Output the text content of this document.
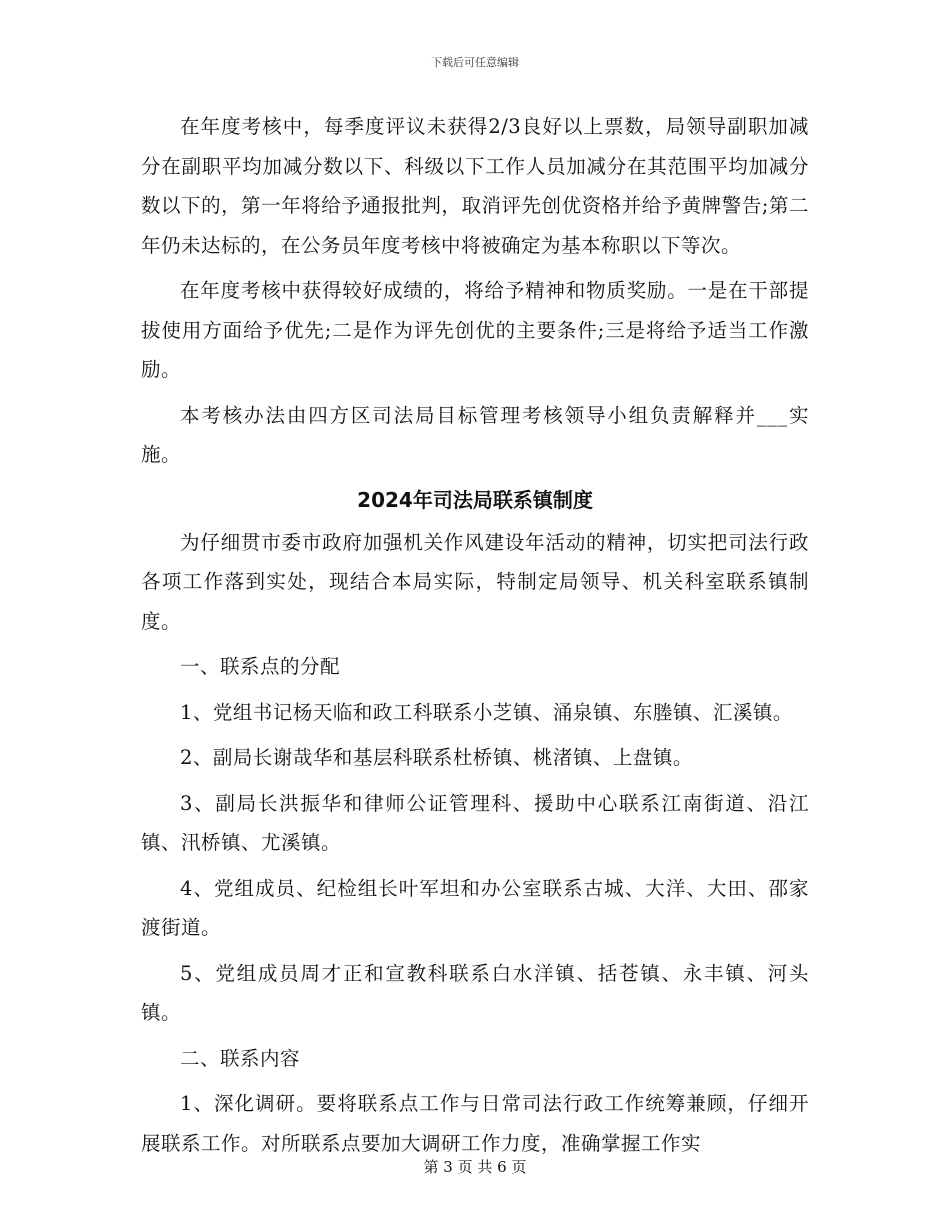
下载后可任意编辑

在年度考核中，每季度评议未获得2/3良好以上票数，局领导副职加减分在副职平均加减分数以下、科级以下工作人员加减分在其范围平均加减分数以下的，第一年将给予通报批判，取消评先创优资格并给予黄牌警告;第二年仍未达标的，在公务员年度考核中将被确定为基本称职以下等次。

在年度考核中获得较好成绩的，将给予精神和物质奖励。一是在干部提拔使用方面给予优先;二是作为评先创优的主要条件;三是将给予适当工作激励。

本考核办法由四方区司法局目标管理考核领导小组负责解释并___实施。

2024年司法局联系镇制度

为仔细贯市委市政府加强机关作风建设年活动的精神，切实把司法行政各项工作落到实处，现结合本局实际，特制定局领导、机关科室联系镇制度。

一、联系点的分配

1、党组书记杨天临和政工科联系小芝镇、涌泉镇、东塍镇、汇溪镇。

2、副局长谢哉华和基层科联系杜桥镇、桃渚镇、上盘镇。

3、副局长洪振华和律师公证管理科、援助中心联系江南街道、沿江镇、汛桥镇、尤溪镇。

4、党组成员、纪检组长叶军坦和办公室联系古城、大洋、大田、邵家渡街道。

5、党组成员周才正和宣教科联系白水洋镇、括苍镇、永丰镇、河头镇。

二、联系内容

1、深化调研。要将联系点工作与日常司法行政工作统筹兼顾，仔细开展联系工作。对所联系点要加大调研工作力度，准确掌握工作实

第 3 页 共 6 页
